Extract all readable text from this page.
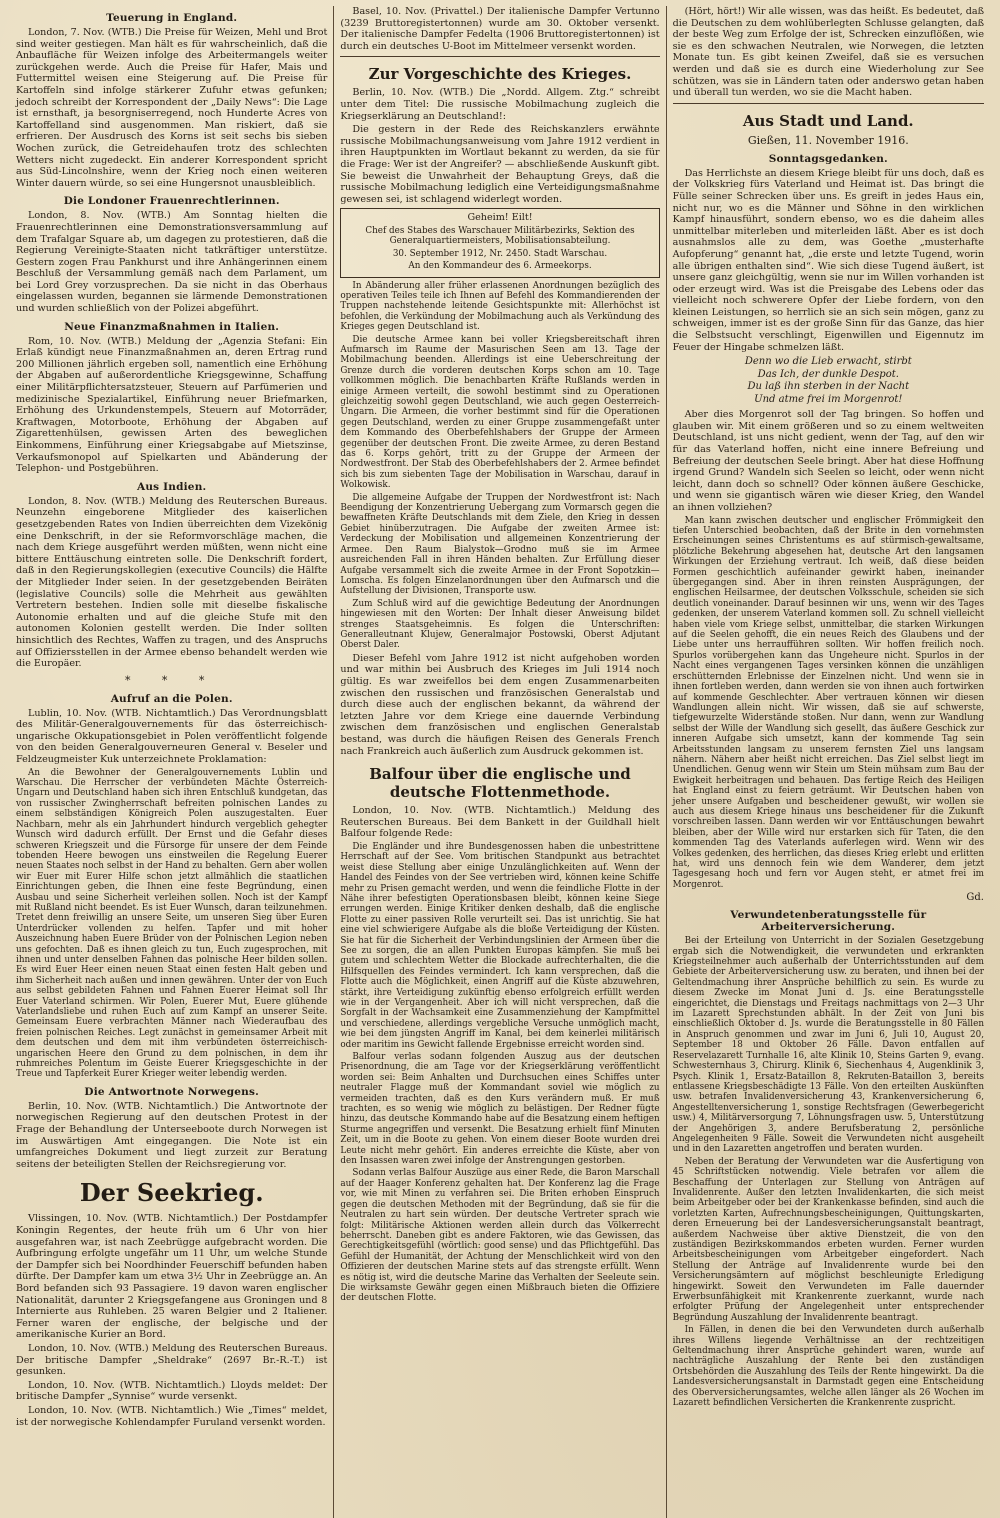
Teuerung in England.

London, 7. Nov. (WTB.) Die Preise für Weizen, Mehl und Brot sind weiter gestiegen. Man hält es für wahrscheinlich, daß die Anbaufläche für Weizen infolge des Arbeitermangels weiter zurückgehen werde. Auch die Preise für Hafer, Mais und Futtermittel weisen eine Steigerung auf. Die Preise für Kartoffeln sind infolge stärkerer Zufuhr etwas gefunken; jedoch schreibt der Korrespondent der „Daily News“: Die Lage ist ernsthaft, ja besorgniserregend, noch Hunderte Acres von Kartoffelland sind ausgenommen. Man riskiert, daß sie erfrieren. Der Ausdrusch des Korns ist seit sechs bis sieben Wochen zurück, die Getreidehaufen trotz des schlechten Wetters nicht zugedeckt. Ein anderer Korrespondent spricht aus Süd-Lincolnshire, wenn der Krieg noch einen weiteren Winter dauern würde, so sei eine Hungersnot unausbleiblich.

Die Londoner Frauenrechtlerinnen.

London, 8. Nov. (WTB.) Am Sonntag hielten die Frauenrechtlerinnen eine Demonstrationsversammlung auf dem Trafalgar Square ab, um dagegen zu protestieren, daß die Regierung Vereinigte-Staaten nicht tatkräftiger unterstütze. Gestern zogen Frau Pankhurst und ihre Anhängerinnen einem Beschluß der Versammlung gemäß nach dem Parlament, um bei Lord Grey vorzusprechen. Da sie nicht in das Oberhaus eingelassen wurden, begannen sie lärmende Demonstrationen und wurden schließlich von der Polizei abgeführt.

Neue Finanzmaßnahmen in Italien.

Rom, 10. Nov. (WTB.) Meldung der „Agenzia Stefani: Ein Erlaß kündigt neue Finanzmaßnahmen an, deren Ertrag rund 200 Millionen jährlich ergeben soll, namentlich eine Erhöhung der Abgaben auf außerordentliche Kriegsgewinne, Schaffung einer Militärpflichtersatzsteuer, Steuern auf Parfümerien und medizinische Spezialartikel, Einführung neuer Briefmarken, Erhöhung des Urkundenstempels, Steuern auf Motorräder, Kraftwagen, Motorboote, Erhöhung der Abgaben auf Zigarettenhülsen, gewissen Arten des beweglichen Einkommens, Einführung einer Kriegsabgabe auf Mietszinse, Verkaufsmonopol auf Spielkarten und Abänderung der Telephon- und Postgebühren.

Aus Indien.

London, 8. Nov. (WTB.) Meldung des Reuterschen Bureaus. Neunzehn eingeborene Mitglieder des kaiserlichen gesetzgebenden Rates von Indien überreichten dem Vizekönig eine Denkschrift, in der sie Reformvorschläge machen, die nach dem Kriege ausgeführt werden müßten, wenn nicht eine bittere Enttäuschung eintreten solle. Die Denkschrift fordert, daß in den Regierungskollegien (executive Councils) die Hälfte der Mitglieder Inder seien. In der gesetzgebenden Beiräten (legislative Councils) solle die Mehrheit aus gewählten Vertretern bestehen. Indien solle mit dieselbe fiskalische Autonomie erhalten und auf die gleiche Stufe mit den autonomen Kolonien gestellt werden. Die Inder sollten hinsichtlich des Rechtes, Waffen zu tragen, und des Anspruchs auf Offiziersstellen in der Armee ebenso behandelt werden wie die Europäer.

* * *
Aufruf an die Polen.

Lublin, 10. Nov. (WTB. Nichtamtlich.) Das Verordnungsblatt des Militär-Generalgouvernements für das österreichisch-ungarische Okkupationsgebiet in Polen veröffentlicht folgende von den beiden Generalgouverneuren General v. Beseler und Feldzeugmeister Kuk unterzeichnete Proklamation:

An die Bewohner der Generalgouvernements Lublin und Warschau. Die Herrscher der verbündeten Mächte Österreich-Ungarn und Deutschland haben sich ihren Entschluß kundgetan, das von russischer Zwingherrschaft befreiten polnischen Landes zu einem selbständigen Königreich Polen auszugestalten. Euer Nachbarn, mehr als ein Jahrhundert hindurch vergeblich gehegter Wunsch wird dadurch erfüllt. Der Ernst und die Gefahr dieses schweren Kriegszeit und die Fürsorge für unsere der dem Feinde tobenden Heere bewogen uns einstweilen die Regelung Euerer neuen Staates noch selbst in der Hand zu behalten. Gern aber wollen wir Euer mit Eurer Hilfe schon jetzt allmählich die staatlichen Einrichtungen geben, die Ihnen eine feste Begründung, einen Ausbau und seine Sicherheit verleihen sollen. Noch ist der Kampf mit Rußland nicht beendet. Es ist Euer Wunsch, daran teilzunehmen. Tretet denn freiwillig an unsere Seite, um unseren Sieg über Euren Unterdrücker vollenden zu helfen. Tapfer und mit hoher Auszeichnung haben Euere Brüder von der Polnischen Legion neben uns gefochten. Daß es ihnen gleich zu tun, Euch zugesprochen, mit ihnen und unter denselben Fahnen das polnische Heer bilden sollen. Es wird Euer Heer einen neuen Staat einen festen Halt geben und ihm Sicherheit nach außen und innen gewähren. Unter der von Euch aus selbst gebildeten Fahnen und Fahnen Euerer Heimat soll Ihr Euer Vaterland schirmen. Wir Polen, Euerer Mut, Euere glühende Vaterlandsliebe und ruhen Euch auf zum Kampf an unserer Seite. Gemeinsam Euere verbrachten Männer nach Wiederaufbau des freien polnischen Reiches. Legt zunächst in gemeinsamer Arbeit mit dem deutschen und dem mit ihm verbündeten österreichisch-ungarischen Heere den Grund zu dem polnischen, in dem ihr ruhmreiches Polentum im Geiste Euerer Kriegsgeschichte in der Treue und Tapferkeit Eurer Krieger weiter lebendig werden.

Die Antwortnote Norwegens.

Berlin, 10. Nov. (WTB. Nichtamtlich.) Die Antwortnote der norwegischen Regierung auf den deutschen Protest in der Frage der Behandlung der Unterseeboote durch Norwegen ist im Auswärtigen Amt eingegangen. Die Note ist ein umfangreiches Dokument und liegt zurzeit zur Beratung seitens der beteiligten Stellen der Reichsregierung vor.

Der Seekrieg.

Vlissingen, 10. Nov. (WTB. Nichtamtlich.) Der Postdampfer Koningin Regentes, der heute früh um 6 Uhr von hier ausgefahren war, ist nach Zeebrügge aufgebracht worden. Die Aufbringung erfolgte ungefähr um 11 Uhr, um welche Stunde der Dampfer sich bei Noordhinder Feuerschiff befunden haben dürfte. Der Dampfer kam um etwa 3½ Uhr in Zeebrügge an. An Bord befanden sich 93 Passagiere. 19 davon waren englischer Nationalität, darunter 2 Kriegsgefangene aus Groningen und 8 Internierte aus Ruhleben. 25 waren Belgier und 2 Italiener. Ferner waren der englische, der belgische und der amerikanische Kurier an Bord.

London, 10. Nov. (WTB.) Meldung des Reuterschen Bureaus. Der britische Dampfer „Sheldrake“ (2697 Br.-R.-T.) ist gesunken.

London, 10. Nov. (WTB. Nichtamtlich.) Lloyds meldet: Der britische Dampfer „Synnise“ wurde versenkt.

London, 10. Nov. (WTB. Nichtamtlich.) Wie „Times“ meldet, ist der norwegische Kohlendampfer Furuland versenkt worden.

Basel, 10. Nov. (Privattel.) Der italienische Dampfer Vertunno (3239 Bruttoregistertonnen) wurde am 30. Oktober versenkt. Der italienische Dampfer Fedelta (1906 Bruttoregistertonnen) ist durch ein deutsches U-Boot im Mittelmeer versenkt worden.

Zur Vorgeschichte des Krieges.

Berlin, 10. Nov. (WTB.) Die „Nordd. Allgem. Ztg.“ schreibt unter dem Titel: Die russische Mobilmachung zugleich die Kriegserklärung an Deutschland!:

Die gestern in der Rede des Reichskanzlers erwähnte russische Mobilmachungsanweisung vom Jahre 1912 verdient in ihren Hauptpunkten im Wortlaut bekannt zu werden, da sie für die Frage: Wer ist der Angreifer? — abschließende Auskunft gibt. Sie beweist die Unwahrheit der Behauptung Greys, daß die russische Mobilmachung lediglich eine Verteidigungsmaßnahme gewesen sei, ist schlagend widerlegt worden.

Geheim! Eilt!

Chef des Stabes des Warschauer Militärbezirks, Sektion des Generalquartiermeisters, Mobilisationsabteilung.

30. September 1912, Nr. 2450. Stadt Warschau.

An den Kommandeur des 6. Armeekorps.

In Abänderung aller früher erlassenen Anordnungen bezüglich des operativen Teiles teile ich Ihnen auf Befehl des Kommandierenden der Truppen nachstehende leitende Gesichtspunkte mit: Allerhöchst ist befohlen, die Verkündung der Mobilmachung auch als Verkündung des Krieges gegen Deutschland ist.

Die deutsche Armee kann bei voller Kriegsbereitschaft ihren Aufmarsch im Raume der Masurischen Seen am 13. Tage der Mobilmachung beenden. Allerdings ist eine Ueberschreitung der Grenze durch die vorderen deutschen Korps schon am 10. Tage vollkommen möglich. Die benachbarten Kräfte Rußlands werden in einige Armeen verteilt, die sowohl bestimmt sind zu Operationen gleichzeitig sowohl gegen Deutschland, wie auch gegen Oesterreich-Ungarn. Die Armeen, die vorher bestimmt sind für die Operationen gegen Deutschland, werden zu einer Gruppe zusammengefaßt unter dem Kommando des Oberbefehlshabers der Gruppe der Armeen gegenüber der deutschen Front. Die zweite Armee, zu deren Bestand das 6. Korps gehört, tritt zu der Gruppe der Armeen der Nordwestfront. Der Stab des Oberbefehlshabers der 2. Armee befindet sich bis zum siebenten Tage der Mobilisation in Warschau, darauf in Wolkowisk.

Die allgemeine Aufgabe der Truppen der Nordwestfront ist: Nach Beendigung der Konzentrierung Uebergang zum Vormarsch gegen die bewaffneten Kräfte Deutschlands mit dem Ziele, den Krieg in dessen Gebiet hinüberzutragen. Die Aufgabe der zweiten Armee ist: Verdeckung der Mobilisation und allgemeinen Konzentrierung der Armee. Den Raum Bialystok—Grodno muß sie im Armee ausreichenden Fall in ihren Händen behalten. Zur Erfüllung dieser Aufgabe versammelt sich die zweite Armee in der Front Sopotzkin—Lomscha. Es folgen Einzelanordnungen über den Aufmarsch und die Aufstellung der Divisionen, Transporte usw.

Zum Schluß wird auf die gewichtige Bedeutung der Anordnungen hingewiesen mit den Worten: Der Inhalt dieser Anweisung bildet strenges Staatsgeheimnis. Es folgen die Unterschriften: Generalleutnant Klujew, Generalmajor Postowski, Oberst Adjutant Oberst Daler.

Dieser Befehl vom Jahre 1912 ist nicht aufgehoben worden und war mithin bei Ausbruch des Krieges im Juli 1914 noch gültig. Es war zweifellos bei dem engen Zusammenarbeiten zwischen den russischen und französischen Generalstab und durch diese auch der englischen bekannt, da während der letzten Jahre vor dem Kriege eine dauernde Verbindung zwischen dem französischen und englischen Generalstab bestand, was durch die häufigen Reisen des Generals French nach Frankreich auch äußerlich zum Ausdruck gekommen ist.

Balfour über die englische und deutsche Flottenmethode.

London, 10. Nov. (WTB. Nichtamtlich.) Meldung des Reuterschen Bureaus. Bei dem Bankett in der Guildhall hielt Balfour folgende Rede:

Die Engländer und ihre Bundesgenossen haben die unbestrittene Herrschaft auf der See. Vom britischen Standpunkt aus betrachtet weist diese Stellung aber einige Unzulänglichkeiten auf. Wenn der Handel des Feindes von der See vertrieben wird, können keine Schiffe mehr zu Prisen gemacht werden, und wenn die feindliche Flotte in der Nähe ihrer befestigten Operationsbasen bleibt, können keine Siege errungen werden. Einige Kritiker denken deshalb, daß die englische Flotte zu einer passiven Rolle verurteilt sei. Das ist unrichtig. Sie hat eine viel schwierigere Aufgabe als die bloße Verteidigung der Küsten. Sie hat für die Sicherheit der Verbindungslinien der Armeen über die See zu sorgen, die an allen Punkten Europas kämpfen. Sie muß bei gutem und schlechtem Wetter die Blockade aufrechterhalten, die die Hilfsquellen des Feindes vermindert. Ich kann versprechen, daß die Flotte auch die Möglichkeit, einen Angriff auf die Küste abzuwehren, stärkt, ihre Verteidigung zukünftig ebenso erfolgreich erfüllt werden wie in der Vergangenheit. Aber ich will nicht versprechen, daß die Sorgfalt in der Wachsamkeit eine Zusammenziehung der Kampfmittel und verschiedene, allerdings vergebliche Versuche unmöglich macht, wie bei dem jüngsten Angriff im Kanal, bei dem keinerlei militärisch oder maritim ins Gewicht fallende Ergebnisse erreicht worden sind.

Balfour verlas sodann folgenden Auszug aus der deutschen Prisenordnung, die am Tage vor der Kriegserklärung veröffentlicht worden sei: Beim Anhalten und Durchsuchen eines Schiffes unter neutraler Flagge muß der Kommandant soviel wie möglich zu vermeiden trachten, daß es den Kurs verändern muß. Er muß trachten, es so wenig wie möglich zu belästigen. Der Redner fügte hinzu, das deutsche Kommando habe auf die Besatzung einem heftigen Sturme angegriffen und versenkt. Die Besatzung erhielt fünf Minuten Zeit, um in die Boote zu gehen. Von einem dieser Boote wurden drei Leute nicht mehr gehört. Ein anderes erreichte die Küste, aber von den Insassen waren zwei infolge der Anstrengungen gestorben.

Sodann verlas Balfour Auszüge aus einer Rede, die Baron Marschall auf der Haager Konferenz gehalten hat. Der Konferenz lag die Frage vor, wie mit Minen zu verfahren sei. Die Briten erhoben Einspruch gegen die deutschen Methoden mit der Begründung, daß sie für die Neutralen zu hart sein würden. Der deutsche Vertreter sprach wie folgt: Militärische Aktionen werden allein durch das Völkerrecht beherrscht. Daneben gibt es andere Faktoren, wie das Gewissen, das Gerechtigkeitsgefühl (wörtlich: good sense) und das Pflichtgefühl. Das Gefühl der Humanität, der Achtung der Menschlichkeit wird von den Offizieren der deutschen Marine stets auf das strengste erfüllt. Wenn es nötig ist, wird die deutsche Marine das Verhalten der Seeleute sein. Die wirksamste Gewähr gegen einen Mißbrauch bieten die Offiziere der deutschen Flotte.

(Hört, hört!) Wir alle wissen, was das heißt. Es bedeutet, daß die Deutschen zu dem wohlüberlegten Schlusse gelangten, daß der beste Weg zum Erfolge der ist, Schrecken einzuflößen, wie sie es den schwachen Neutralen, wie Norwegen, die letzten Monate tun. Es gibt keinen Zweifel, daß sie es versuchen werden und daß sie es durch eine Wiederholung zur See schützen, was sie in Ländern taten oder anderswo getan haben und überall tun werden, wo sie die Macht haben.

Aus Stadt und Land.
Gießen, 11. November 1916.
Sonntagsgedanken.

Das Herrlichste an diesem Kriege bleibt für uns doch, daß es der Volkskrieg fürs Vaterland und Heimat ist. Das bringt die Fülle seiner Schrecken über uns. Es greift in jedes Haus ein, nicht nur, wo es die Männer und Söhne in den wirklichen Kampf hinausführt, sondern ebenso, wo es die daheim alles unmittelbar miterleben und miterleiden läßt. Aber es ist doch ausnahmslos alle zu dem, was Goethe „musterhafte Aufopferung“ genannt hat, „die erste und letzte Tugend, worin alle übrigen enthalten sind“. Wie sich diese Tugend äußert, ist unsere ganz gleichgültig, wenn sie nur im Willen vorhanden ist oder erzeugt wird. Was ist die Preisgabe des Lebens oder das vielleicht noch schwerere Opfer der Liebe fordern, von den kleinen Leistungen, so herrlich sie an sich sein mögen, ganz zu schweigen, immer ist es der große Sinn für das Ganze, das hier die Selbstsucht verschlingt, Eigenwillen und Eigennutz im Feuer der Hingabe schmelzen läßt.

Denn wo die Lieb erwacht, stirbt
Das Ich, der dunkle Despot.
Du laß ihn sterben in der Nacht
Und atme frei im Morgenrot!

Aber dies Morgenrot soll der Tag bringen. So hoffen und glauben wir. Mit einem größeren und so zu einem weltweiten Deutschland, ist uns nicht gedient, wenn der Tag, auf den wir für das Vaterland hoffen, nicht eine innere Befreiung und Befreiung der deutschen Seele bringt. Aber hat diese Hoffnung irgend Grund? Wandeln sich Seelen so leicht, oder wenn nicht leicht, dann doch so schnell? Oder können äußere Geschicke, und wenn sie gigantisch wären wie dieser Krieg, den Wandel an ihnen vollziehen?

Man kann zwischen deutscher und englischer Frömmigkeit den tiefen Unterschied beobachten, daß der Brite in den vornehmsten Erscheinungen seines Christentums es auf stürmisch-gewaltsame, plötzliche Bekehrung abgesehen hat, deutsche Art den langsamen Wirkungen der Erziehung vertraut. Ich weiß, daß diese beiden Formen geschichtlich aufeinander gewirkt haben, ineinander übergegangen sind. Aber in ihren reinsten Ausprägungen, der englischen Heilsarmee, der deutschen Volksschule, scheiden sie sich deutlich voneinander. Darauf besinnen wir uns, wenn wir des Tages gedenken, der unserem Vaterland kommen soll. Zu schnell vielleicht haben viele vom Kriege selbst, unmittelbar, die starken Wirkungen auf die Seelen gehofft, die ein neues Reich des Glaubens und der Liebe unter uns herraufführen sollten. Wir hoffen freilich noch. Spurlos vorübergehen kann das Ungeheure nicht. Spurlos in der Nacht eines vergangenen Tages versinken können die unzähligen erschütternden Erlebnisse der Einzelnen nicht. Und wenn sie in ihnen fortleben werden, dann werden sie von ihnen auch fortwirken auf kommende Geschlechter. Aber vertrauen können wir diesen Wandlungen allein nicht. Wir wissen, daß sie auf schwerste, tiefgewurzelte Widerstände stoßen. Nur dann, wenn zur Wandlung selbst der Wille der Wandlung sich gesellt, das äußere Geschick zur inneren Aufgabe sich umsetzt, kann der kommende Tag sein Arbeitsstunden langsam zu unserem fernsten Ziel uns langsam nähern. Nähern aber heißt nicht erreichen. Das Ziel selbst liegt im Unendlichen. Genug wenn wir Stein um Stein mühsam zum Bau der Ewigkeit herbeitragen und behauen. Das fertige Reich des Heiligen hat England einst zu feiern geträumt. Wir Deutschen haben von jeher unsere Aufgaben und bescheidener gewußt, wir wollen sie auch aus diesem Kriege hinaus uns bescheidener für die Zukunft vorschreiben lassen. Dann werden wir vor Enttäuschungen bewahrt bleiben, aber der Wille wird nur erstarken sich für Taten, die den kommenden Tag des Vaterlands auferlegen wird. Wenn wir des Volkes gedenken, des herrlichen, das dieses Krieg erlebt und erlitten hat, wird uns dennoch fein wie dem Wanderer, dem jetzt Tagesgesang hoch und fern vor Augen steht, er atmet frei im Morgenrot.

Gd.
Verwundetenberatungsstelle für Arbeiterversicherung.

Bei der Erteilung von Unterricht in der Sozialen Gesetzgebung ergab sich die Notwendigkeit, die verwundeten und erkrankten Kriegsteilnehmer auch außerhalb der Unterrichtsstunden auf dem Gebiete der Arbeiterversicherung usw. zu beraten, und ihnen bei der Geltendmachung ihrer Ansprüche behilflich zu sein. Es wurde zu diesem Zwecke im Monat Juni d. Js. eine Beratungsstelle eingerichtet, die Dienstags und Freitags nachmittags von 2—3 Uhr im Lazarett Sprechstunden abhält. In der Zeit von Juni bis einschließlich Oktober d. Js. wurde die Beratungsstelle in 80 Fällen in Anspruch genommen und zwar im Juni 6, Juli 10, August 20, September 18 und Oktober 26 Fälle. Davon entfallen auf Reservelazarett Turnhalle 16, alte Klinik 10, Steins Garten 9, evang. Schwesternhaus 3, Chirurg. Klinik 6, Siechenhaus 4, Augenklinik 3, Psych. Klinik 1, Ersatz-Bataillon 8, Rekruten-Bataillon 3, bereits entlassene Kriegsbeschädigte 13 Fälle. Von den erteilten Auskünften usw. betrafen Invalidenversicherung 43, Krankenversicherung 6, Angestelltenversicherung 1, sonstige Rechtsfragen (Gewerbegericht usw.) 4, Militärversorgung 7, Löhnungsfragen usw. 5, Unterstützung der Angehörigen 3, andere Berufsberatung 2, persönliche Angelegenheiten 9 Fälle. Soweit die Verwundeten nicht ausgeheilt und in den Lazaretten angetroffen und beraten wurden.

Neben der Beratung der Verwundeten war die Ausfertigung von 45 Schriftstücken notwendig. Viele betrafen vor allem die Beschaffung der Unterlagen zur Stellung von Anträgen auf Invalidenrente. Außer den letzten Invalidenkarten, die sich meist beim Arbeitgeber oder bei der Krankenkasse befinden, sind auch die vorletzten Karten, Aufrechnungsbescheinigungen, Quittungskarten, deren Erneuerung bei der Landesversicherungsanstalt beantragt, außerdem Nachweise über aktive Dienstzeit, die von den zuständigen Bezirkskommandos erbeten wurden. Ferner wurden Arbeitsbescheinigungen vom Arbeitgeber eingefordert. Nach Stellung der Anträge auf Invalidenrente wurde bei den Versicherungsämtern auf möglichst beschleunigte Erledigung hingewirkt. Soweit den Verwundeten im Falle dauernder Erwerbsunfähigkeit mit Krankenrente zuerkannt, wurde nach erfolgter Prüfung der Angelegenheit unter entsprechender Begründung Auszahlung der Invalidenrente beantragt.

In Fällen, in denen die bei den Verwundeten durch außerhalb ihres Willens liegende Verhältnisse an der rechtzeitigen Geltendmachung ihrer Ansprüche gehindert waren, wurde auf nachträgliche Auszahlung der Rente bei den zuständigen Ortsbehörden die Auszahlung des Teils der Rente hingewirkt. Da die Landesversicherungsanstalt in Darmstadt gegen eine Entscheidung des Oberversicherungsamtes, welche allen länger als 26 Wochen im Lazarett befindlichen Versicherten die Krankenrente zuspricht.
